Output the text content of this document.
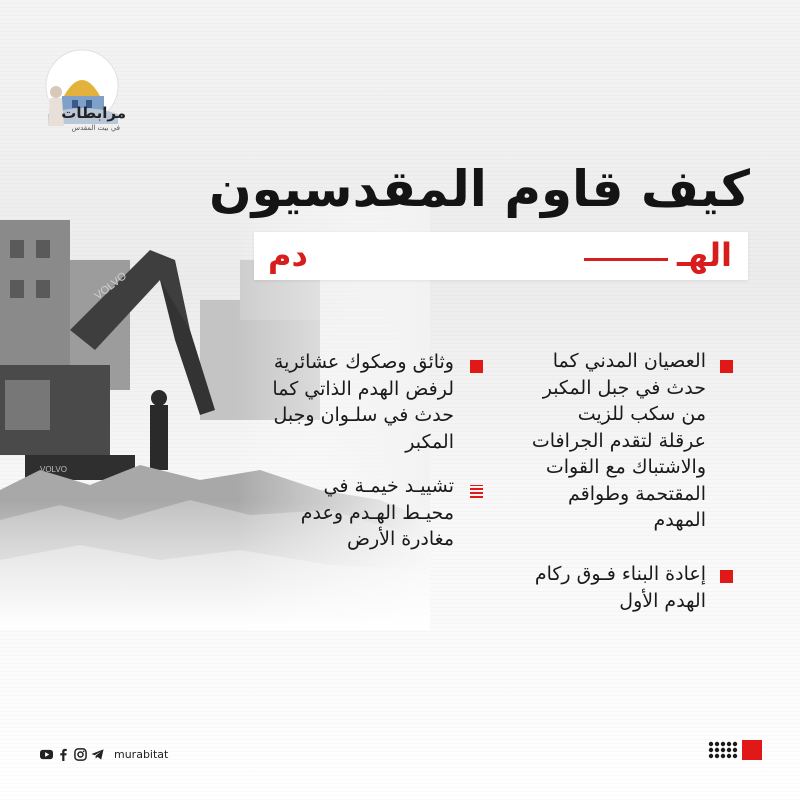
مرابطات
في بيت المقدس
كيف قاوم المقدسيون
دم	الهـ
العصيان المدني كما
حدث في جبل المكبر
من سكب للزيت
عرقلة لتقدم الجرافات
والاشتباك مع القوات
المقتحمة وطواقم
المهدم
إعادة البناء فـوق ركام
الهدم الأول
وثائق وصكوك عشائرية
لرفض الهدم الذاتي كما
حدث في سلـوان وجبل
المكبر
تشييـد خيمـة في
محيـط الهـدم وعدم
مغادرة الأرض
murabitat
